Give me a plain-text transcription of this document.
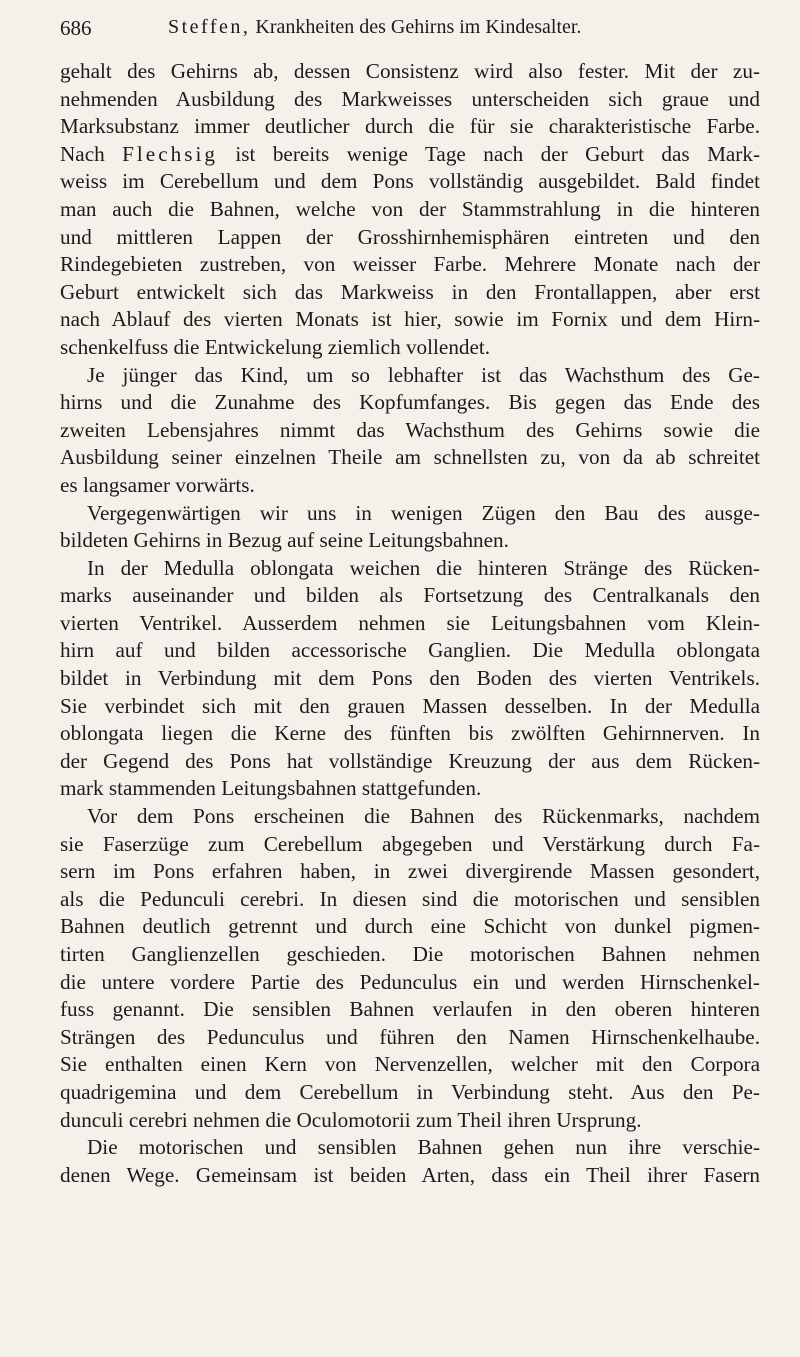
686	Steffen, Krankheiten des Gehirns im Kindesalter.
gehalt des Gehirns ab, dessen Consistenz wird also fester. Mit der zu-
nehmenden Ausbildung des Markweisses unterscheiden sich graue und
Marksubstanz immer deutlicher durch die für sie charakteristische Farbe.
Nach Flechsig ist bereits wenige Tage nach der Geburt das Mark-
weiss im Cerebellum und dem Pons vollständig ausgebildet. Bald findet
man auch die Bahnen, welche von der Stammstrahlung in die hinteren
und mittleren Lappen der Grosshirnhemisphären eintreten und den
Rindegebieten zustreben, von weisser Farbe. Mehrere Monate nach der
Geburt entwickelt sich das Markweiss in den Frontallappen, aber erst
nach Ablauf des vierten Monats ist hier, sowie im Fornix und dem Hirn-
schenkelfuss die Entwickelung ziemlich vollendet.
Je jünger das Kind, um so lebhafter ist das Wachsthum des Ge-
hirns und die Zunahme des Kopfumfanges. Bis gegen das Ende des
zweiten Lebensjahres nimmt das Wachsthum des Gehirns sowie die
Ausbildung seiner einzelnen Theile am schnellsten zu, von da ab schreitet
es langsamer vorwärts.
Vergegenwärtigen wir uns in wenigen Zügen den Bau des ausge-
bildeten Gehirns in Bezug auf seine Leitungsbahnen.
In der Medulla oblongata weichen die hinteren Stränge des Rücken-
marks auseinander und bilden als Fortsetzung des Centralkanals den
vierten Ventrikel. Ausserdem nehmen sie Leitungsbahnen vom Klein-
hirn auf und bilden accessorische Ganglien. Die Medulla oblongata
bildet in Verbindung mit dem Pons den Boden des vierten Ventrikels.
Sie verbindet sich mit den grauen Massen desselben. In der Medulla
oblongata liegen die Kerne des fünften bis zwölften Gehirnnerven. In
der Gegend des Pons hat vollständige Kreuzung der aus dem Rücken-
mark stammenden Leitungsbahnen stattgefunden.
Vor dem Pons erscheinen die Bahnen des Rückenmarks, nachdem
sie Faserzüge zum Cerebellum abgegeben und Verstärkung durch Fa-
sern im Pons erfahren haben, in zwei divergirende Massen gesondert,
als die Pedunculi cerebri. In diesen sind die motorischen und sensiblen
Bahnen deutlich getrennt und durch eine Schicht von dunkel pigmen-
tirten Ganglienzellen geschieden. Die motorischen Bahnen nehmen
die untere vordere Partie des Pedunculus ein und werden Hirnschenkel-
fuss genannt. Die sensiblen Bahnen verlaufen in den oberen hinteren
Strängen des Pedunculus und führen den Namen Hirnschenkelhaube.
Sie enthalten einen Kern von Nervenzellen, welcher mit den Corpora
quadrigemina und dem Cerebellum in Verbindung steht. Aus den Pe-
dunculi cerebri nehmen die Oculomotorii zum Theil ihren Ursprung.
Die motorischen und sensiblen Bahnen gehen nun ihre verschie-
denen Wege. Gemeinsam ist beiden Arten, dass ein Theil ihrer Fasern
